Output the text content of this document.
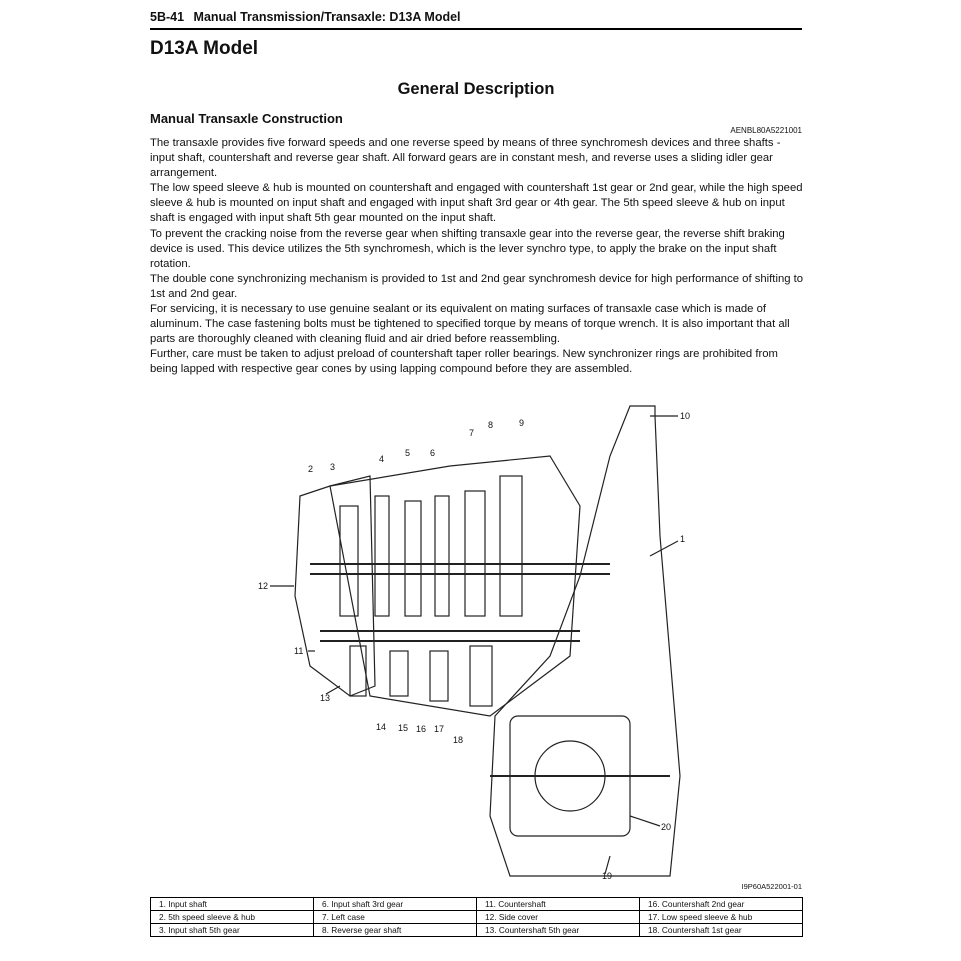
5B-41 Manual Transmission/Transaxle: D13A Model
D13A Model
General Description
Manual Transaxle Construction
AENBL80A5221001

The transaxle provides five forward speeds and one reverse speed by means of three synchromesh devices and three shafts - input shaft, countershaft and reverse gear shaft. All forward gears are in constant mesh, and reverse uses a sliding idler gear arrangement.

The low speed sleeve & hub is mounted on countershaft and engaged with countershaft 1st gear or 2nd gear, while the high speed sleeve & hub is mounted on input shaft and engaged with input shaft 3rd gear or 4th gear. The 5th speed sleeve & hub on input shaft is engaged with input shaft 5th gear mounted on the input shaft.

To prevent the cracking noise from the reverse gear when shifting transaxle gear into the reverse gear, the reverse shift braking device is used. This device utilizes the 5th synchromesh, which is the lever synchro type, to apply the brake on the input shaft rotation.

The double cone synchronizing mechanism is provided to 1st and 2nd gear synchromesh device for high performance of shifting to 1st and 2nd gear.

For servicing, it is necessary to use genuine sealant or its equivalent on mating surfaces of transaxle case which is made of aluminum. The case fastening bolts must be tightened to specified torque by means of torque wrench. It is also important that all parts are thoroughly cleaned with cleaning fluid and air dried before reassembling.

Further, care must be taken to adjust preload of countershaft taper roller bearings. New synchronizer rings are prohibited from being lapped with respective gear cones by using lapping compound before they are assembled.

10
1
2 3
4
5 6
7
8	9
12
11
13
14 15 16 17
18
19
20
I9P60A522001-01
1. Input shaft	6. Input shaft 3rd gear	11. Countershaft	16. Countershaft 2nd gear
2. 5th speed sleeve & hub	7. Left case	12. Side cover	17. Low speed sleeve & hub
3. Input shaft 5th gear	8. Reverse gear shaft	13. Countershaft 5th gear	18. Countershaft 1st gear
